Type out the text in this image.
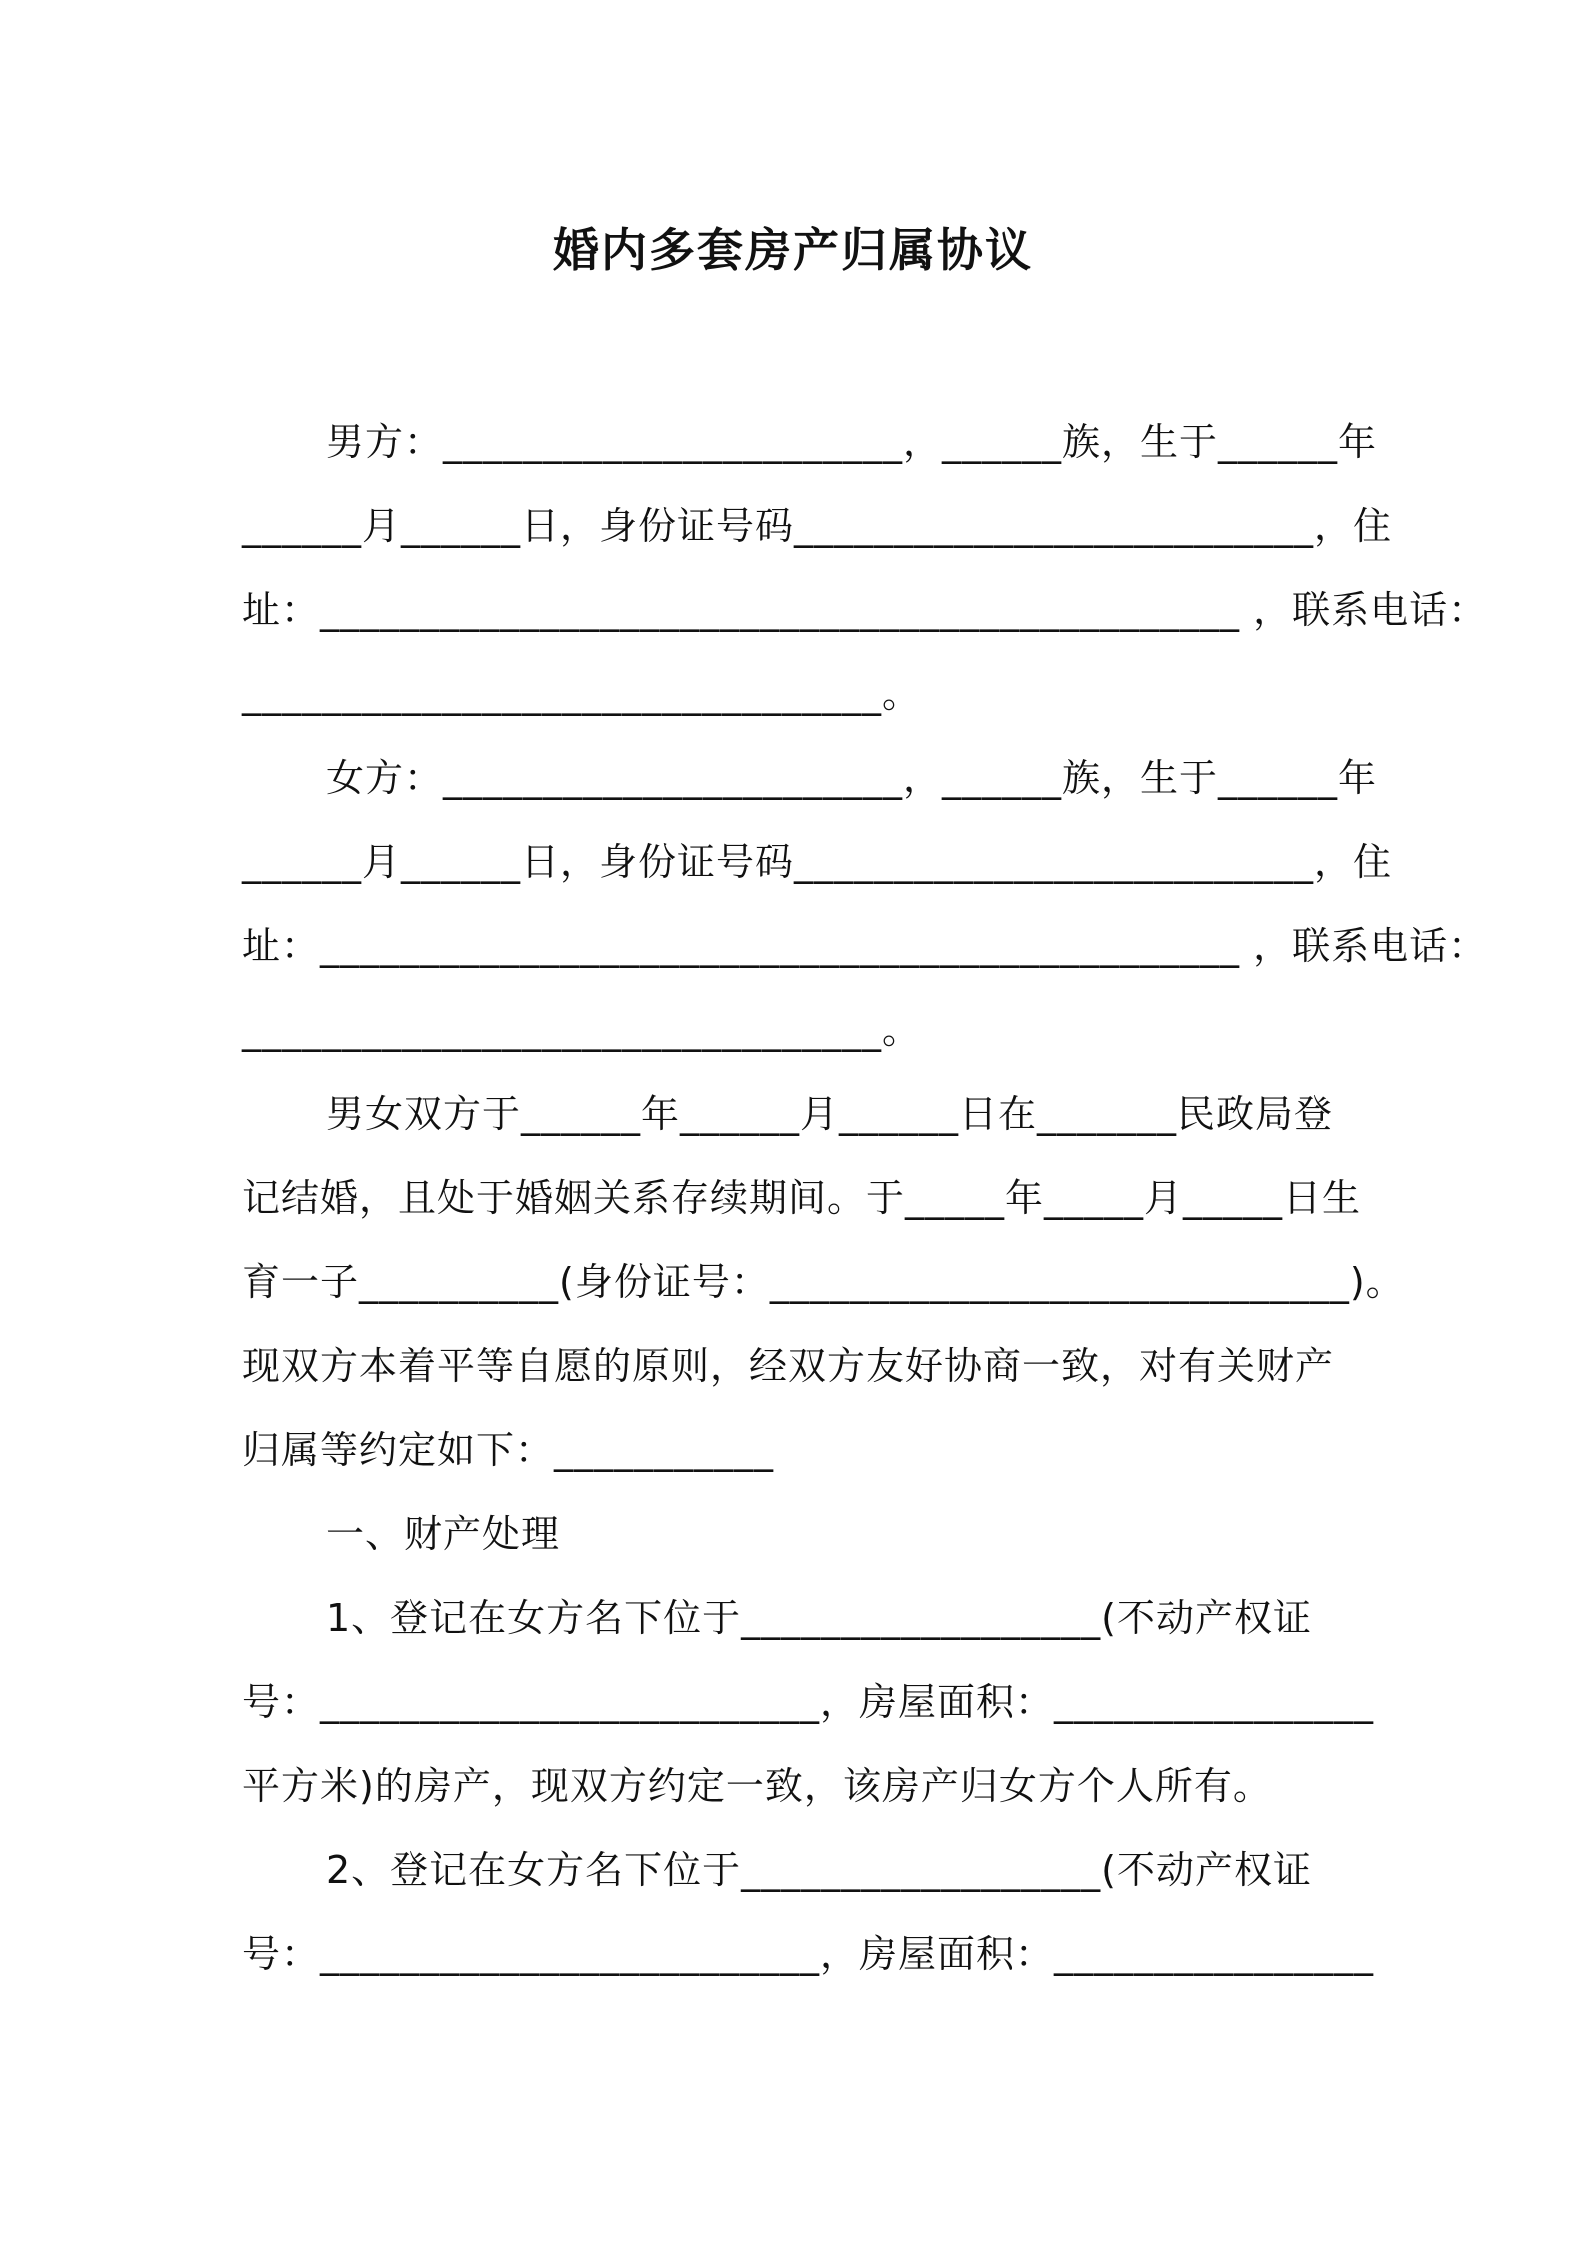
婚内多套房产归属协议
男方：_______________________，______族，生于______年
______月______日，身份证号码__________________________，住
址：______________________________________________ ，联系电话：
________________________________。
女方：_______________________，______族，生于______年
______月______日，身份证号码__________________________，住
址：______________________________________________ ，联系电话：
________________________________。
男女双方于______年______月______日在_______民政局登
记结婚，且处于婚姻关系存续期间。于_____年_____月_____日生
育一子__________(身份证号：_____________________________)。
现双方本着平等自愿的原则，经双方友好协商一致，对有关财产
归属等约定如下：___________
一、财产处理
1、登记在女方名下位于__________________(不动产权证
号：_________________________，房屋面积：________________
平方米)的房产，现双方约定一致，该房产归女方个人所有。
2、登记在女方名下位于__________________(不动产权证
号：_________________________，房屋面积：________________
